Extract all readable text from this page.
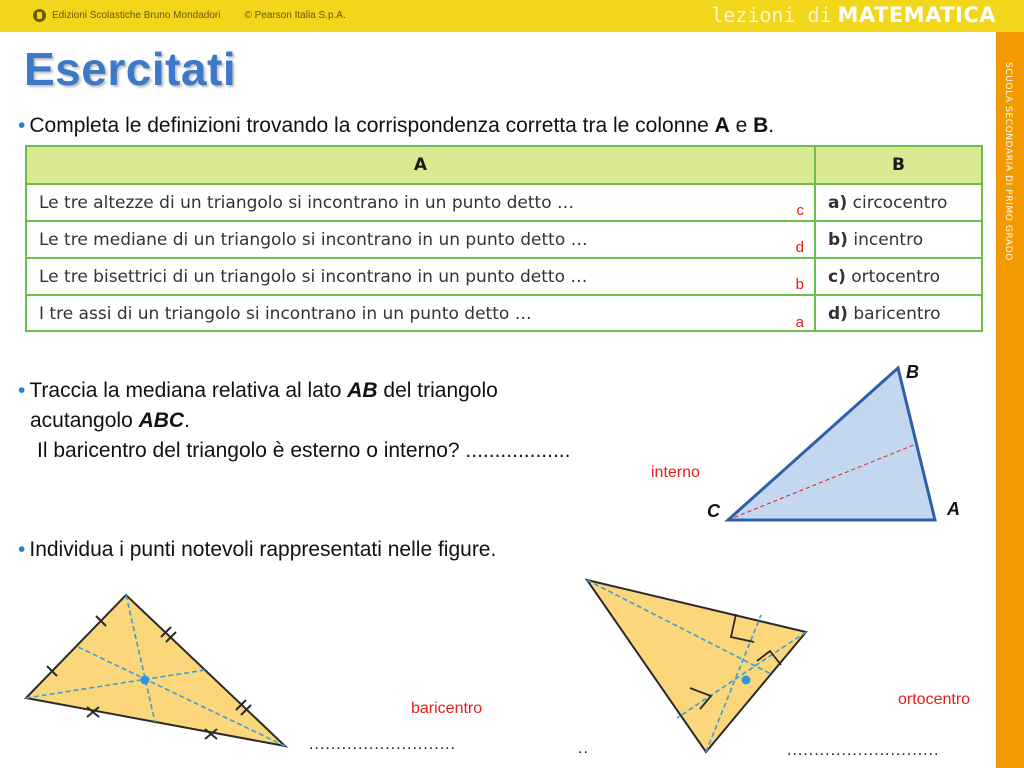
Edizioni Scolastiche Bruno Mondadori © Pearson Italia S.p.A.	lezioni di MATEMATICA
SCUOLA SECONDARIA DI PRIMO GRADO
Esercitati
• Completa le definizioni trovando la corrispondenza corretta tra le colonne A e B.
A	B
Le tre altezze di un triangolo si incontrano in un punto detto … c	a) circocentro
Le tre mediane di un triangolo si incontrano in un punto detto … d	b) incentro
Le tre bisettrici di un triangolo si incontrano in un punto detto … b	c) ortocentro
I tre assi di un triangolo si incontrano in un punto detto … a	d) baricentro
• Traccia la mediana relativa al lato AB del triangolo
acutangolo ABC.
Il baricentro del triangolo è esterno o interno? ..................
interno
• Individua i punti notevoli rappresentati nelle figure.
baricentro
ortocentro
...........................	..	............................
B
A
C
